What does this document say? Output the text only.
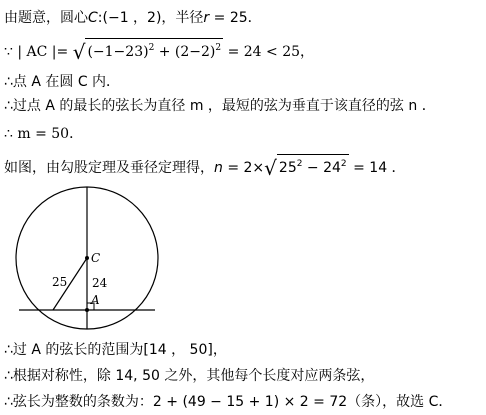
由题意，圆心C:(−1 ，2)，半径r = 25．
∵ | AC |= √ $(-1-23)^2 + (2-2)^2 = 24 < 25$，
∴点 A 在圆 C 内．
∴过点 A 的最长的弦长为直径 m ，最短的弦为垂直于该直径的弦 n ．
∴ m = 50．
如图，由勾股定理及垂径定理得，n = 2×√ $25^2 - 24^2 = 14$ ．
C
A
25 24
∴过 A 的弦长的范围为[14 ， 50]，
∴根据对称性，除 14, 50 之外，其他每个长度对应两条弦，
∴弦长为整数的条数为：2 + (49 − 15 + 1) × 2 = 72（条），故选 C．
